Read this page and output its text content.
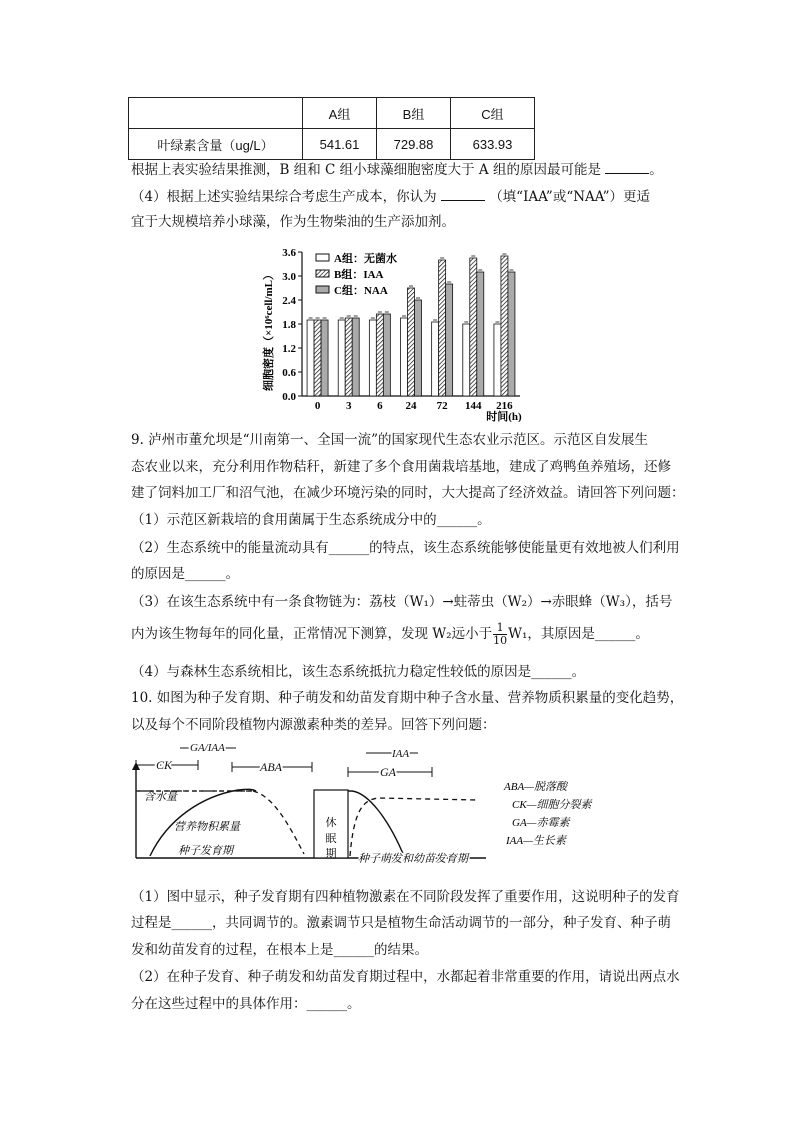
	A组	B组	C组
叶绿素含量（ug/L）	541.61	729.88	633.93
根据上表实验结果推测，B 组和 C 组小球藻细胞密度大于 A 组的原因最可能是	。
（4）根据上述实验结果综合考虑生产成本，你认为	（填“IAA”或“NAA”）更适
宜于大规模培养小球藻，作为生物柴油的生产添加剂。
细胞密度（×10⁶cell/mL）
0.0
0.6
1.2
1.8
2.4
3.0
3.6
0 3 6 24 72 144 216
A组：无菌水
B组：IAA
C组：NAA
时间(h)
9. 泸州市董允坝是“川南第一、全国一流”的国家现代生态农业示范区。示范区自发展生
态农业以来，充分利用作物秸秆，新建了多个食用菌栽培基地，建成了鸡鸭鱼养殖场，还修
建了饲料加工厂和沼气池，在减少环境污染的同时，大大提高了经济效益。请回答下列问题：
（1）示范区新栽培的食用菌属于生态系统成分中的______。
（2）生态系统中的能量流动具有______的特点，该生态系统能够使能量更有效地被人们利用
的原因是______。
（3）在该生态系统中有一条食物链为：荔枝（W₁）→蛀蒂虫（W₂）→赤眼蜂（W₃），括号
内为该生物每年的同化量，正常情况下测算，发现 W₂远小于 $\frac{1}{10} W_1$，其原因是______。
（4）与森林生态系统相比，该生态系统抵抗力稳定性较低的原因是______。
10. 如图为种子发育期、种子萌发和幼苗发育期中种子含水量、营养物质积累量的变化趋势，
以及每个不同阶段植物内源激素种类的差异。回答下列问题：
GA/IAA
CK	ABA
IAA
GA
休
眠
期
含水量
营养物积累量
种子发育期
种子萌发和幼苗发育期
ABA—脱落酸
CK—细胞分裂素
GA—赤霉素
IAA—生长素
（1）图中显示，种子发育期有四种植物激素在不同阶段发挥了重要作用，这说明种子的发育
过程是______，共同调节的。激素调节只是植物生命活动调节的一部分，种子发育、种子萌
发和幼苗发育的过程，在根本上是______的结果。
（2）在种子发育、种子萌发和幼苗发育期过程中，水都起着非常重要的作用，请说出两点水
分在这些过程中的具体作用：______。
